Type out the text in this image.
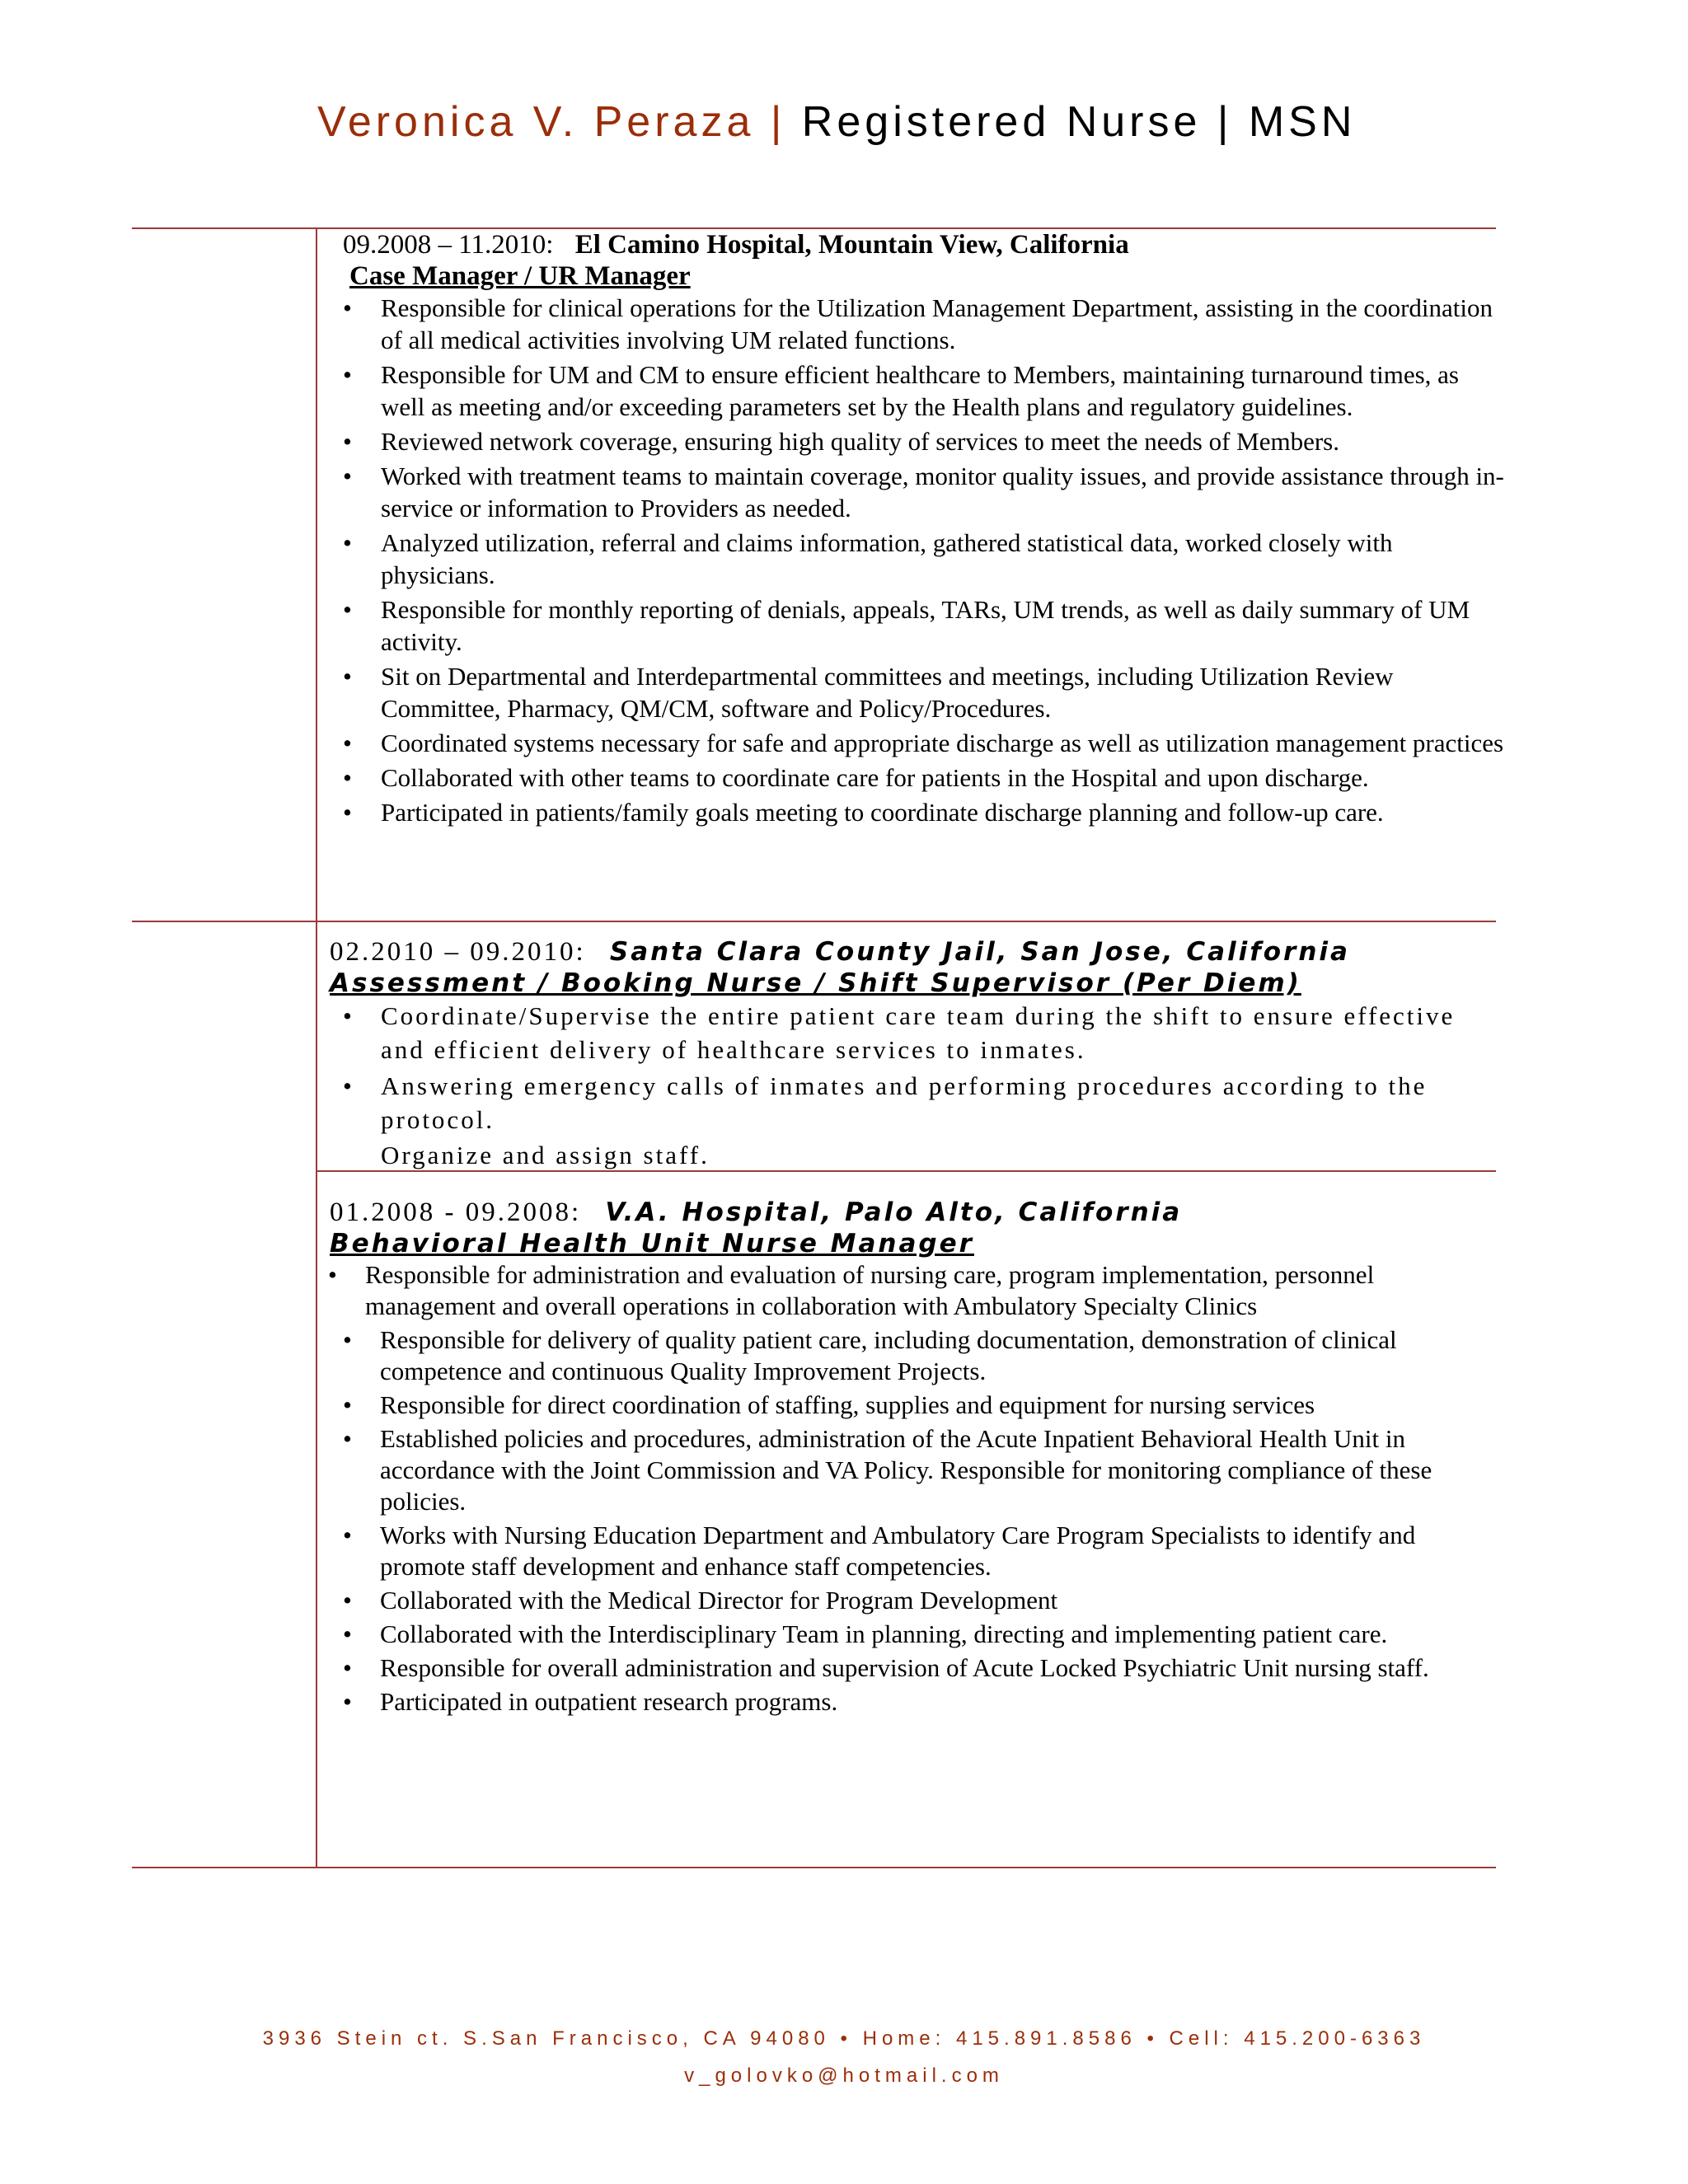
Veronica V. Peraza | Registered Nurse | MSN
09.2008 – 11.2010: El Camino Hospital, Mountain View, California
Case Manager / UR Manager
• Responsible for clinical operations for the Utilization Management Department, assisting in the coordination of all medical activities involving UM related functions.
• Responsible for UM and CM to ensure efficient healthcare to Members, maintaining turnaround times, as well as meeting and/or exceeding parameters set by the Health plans and regulatory guidelines.
• Reviewed network coverage, ensuring high quality of services to meet the needs of Members.
• Worked with treatment teams to maintain coverage, monitor quality issues, and provide assistance through in-service or information to Providers as needed.
• Analyzed utilization, referral and claims information, gathered statistical data, worked closely with physicians.
• Responsible for monthly reporting of denials, appeals, TARs, UM trends, as well as daily summary of UM activity.
• Sit on Departmental and Interdepartmental committees and meetings, including Utilization Review Committee, Pharmacy, QM/CM, software and Policy/Procedures.
• Coordinated systems necessary for safe and appropriate discharge as well as utilization management practices
• Collaborated with other teams to coordinate care for patients in the Hospital and upon discharge.
• Participated in patients/family goals meeting to coordinate discharge planning and follow-up care.
02.2010 – 09.2010: Santa Clara County Jail, San Jose, California
Assessment / Booking Nurse / Shift Supervisor (Per Diem)
• Coordinate/Supervise the entire patient care team during the shift to ensure effective and efficient delivery of healthcare services to inmates.
• Answering emergency calls of inmates and performing procedures according to the protocol.
Organize and assign staff.
01.2008 - 09.2008: V.A. Hospital, Palo Alto, California
Behavioral Health Unit Nurse Manager
• Responsible for administration and evaluation of nursing care, program implementation, personnel management and overall operations in collaboration with Ambulatory Specialty Clinics
• Responsible for delivery of quality patient care, including documentation, demonstration of clinical competence and continuous Quality Improvement Projects.
• Responsible for direct coordination of staffing, supplies and equipment for nursing services
• Established policies and procedures, administration of the Acute Inpatient Behavioral Health Unit in accordance with the Joint Commission and VA Policy. Responsible for monitoring compliance of these policies.
• Works with Nursing Education Department and Ambulatory Care Program Specialists to identify and promote staff development and enhance staff competencies.
• Collaborated with the Medical Director for Program Development
• Collaborated with the Interdisciplinary Team in planning, directing and implementing patient care.
• Responsible for overall administration and supervision of Acute Locked Psychiatric Unit nursing staff.
• Participated in outpatient research programs.
3936 Stein ct. S.San Francisco, CA 94080 • Home: 415.891.8586 • Cell: 415.200-6363
v_golovko@hotmail.com
